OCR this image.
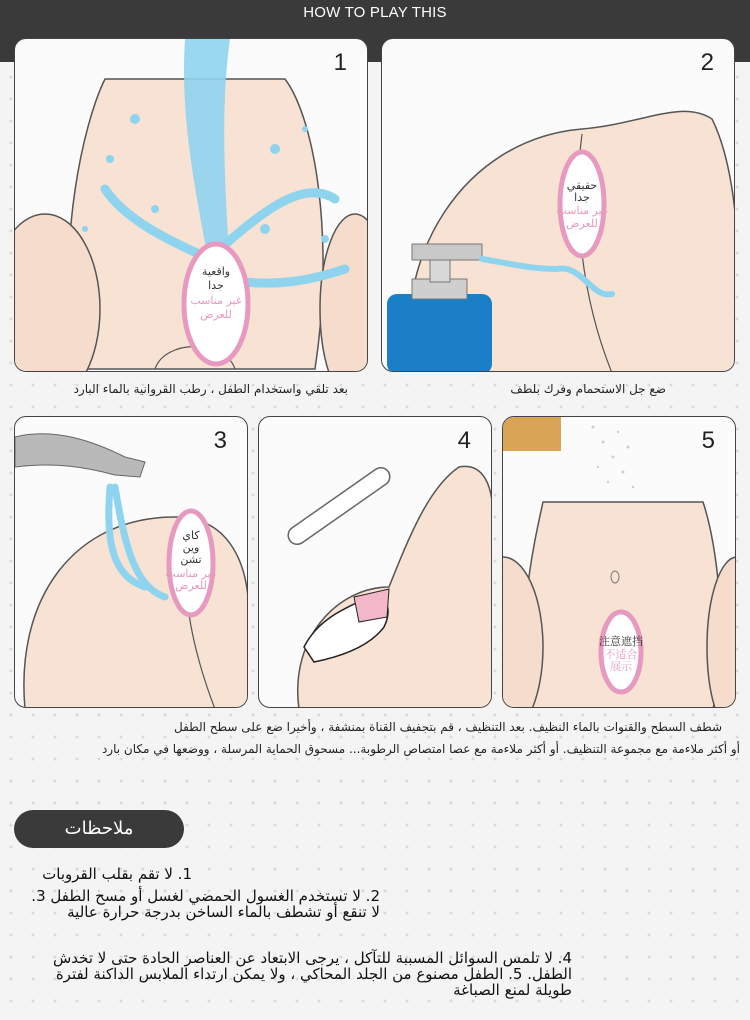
HOW TO PLAY THIS
واقعية
جدا
غير مناسب
للعرض
1
حقيقي
جدا
غير مناسب
للعرض
2
بعد تلقي واستخدام الطفل ، رطب القروانية بالماء البارد	ضع جل الاستحمام وفرك بلطف
كاي
وين
تشن
غير مناسب
للعرض
3	4
注意遮挡
不适合
展示
5
شطف السطح والقنوات بالماء النظيف. بعد التنظيف ، قم بتجفيف القناة بمنشفة ، وأخيرا ضع على سطح الطفل
أو أكثر ملاءمة مع مجموعة التنظيف. أو أكثر ملاءمة مع عصا امتصاص الرطوبة... مسحوق الحماية المرسلة ، ووضعها في مكان بارد
ملاحظات
1. لا تقم بقلب القروبات
2. لا تستخدم الغسول الحمضي لغسل أو مسح الطفل 3. لا تنقع أو تشطف بالماء الساخن بدرجة حرارة عالية
4. لا تلمس السوائل المسببة للتآكل ، يرجى الابتعاد عن العناصر الحادة حتى لا تخدش الطفل. 5. الطفل مصنوع من الجلد المحاكي ، ولا يمكن ارتداء الملابس الداكنة لفترة طويلة لمنع الصباغة
